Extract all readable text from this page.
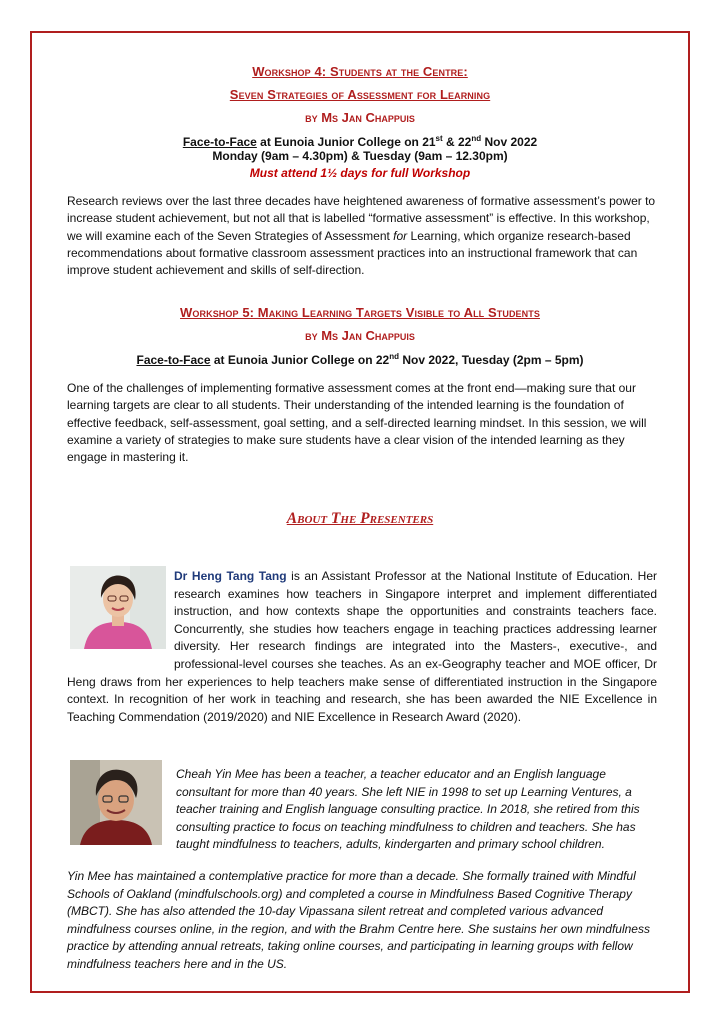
Workshop 4: Students at the Centre:
Seven Strategies of Assessment for Learning
by Ms Jan Chappuis
Face-to-Face at Eunoia Junior College on 21st & 22nd Nov 2022
Monday (9am – 4.30pm) & Tuesday (9am – 12.30pm)
Must attend 1½ days for full Workshop

Research reviews over the last three decades have heightened awareness of formative assessment’s power to increase student achievement, but not all that is labelled “formative assessment” is effective. In this workshop, we will examine each of the Seven Strategies of Assessment for Learning, which organize research-based recommendations about formative classroom assessment practices into an instructional framework that can improve student achievement and skills of self-direction.

Workshop 5: Making Learning Targets Visible to All Students
by Ms Jan Chappuis
Face-to-Face at Eunoia Junior College on 22nd Nov 2022, Tuesday (2pm – 5pm)

One of the challenges of implementing formative assessment comes at the front end—making sure that our learning targets are clear to all students. Their understanding of the intended learning is the foundation of effective feedback, self-assessment, goal setting, and a self-directed learning mindset. In this session, we will examine a variety of strategies to make sure students have a clear vision of the intended learning as they engage in mastering it.

About The Presenters
Dr Heng Tang Tang is an Assistant Professor at the National Institute of Education. Her research examines how teachers in Singapore interpret and implement differentiated instruction, and how contexts shape the opportunities and constraints teachers face. Concurrently, she studies how teachers engage in teaching practices addressing learner diversity. Her research findings are integrated into the Masters-, executive-, and professional-level courses she teaches. As an ex-Geography teacher and MOE officer, Dr Heng draws from her experiences to help teachers make sense of differentiated instruction in the Singapore context. In recognition of her work in teaching and research, she has been awarded the NIE Excellence in Teaching Commendation (2019/2020) and NIE Excellence in Research Award (2020).
Cheah Yin Mee has been a teacher, a teacher educator and an English language consultant for more than 40 years. She left NIE in 1998 to set up Learning Ventures, a teacher training and English language consulting practice. In 2018, she retired from this consulting practice to focus on teaching mindfulness to children and teachers. She has taught mindfulness to teachers, adults, kindergarten and primary school children.
Yin Mee has maintained a contemplative practice for more than a decade. She formally trained with Mindful Schools of Oakland (mindfulschools.org) and completed a course in Mindfulness Based Cognitive Therapy (MBCT). She has also attended the 10-day Vipassana silent retreat and completed various advanced mindfulness courses online, in the region, and with the Brahm Centre here. She sustains her own mindfulness practice by attending annual retreats, taking online courses, and participating in learning groups with fellow mindfulness teachers here and in the US.
